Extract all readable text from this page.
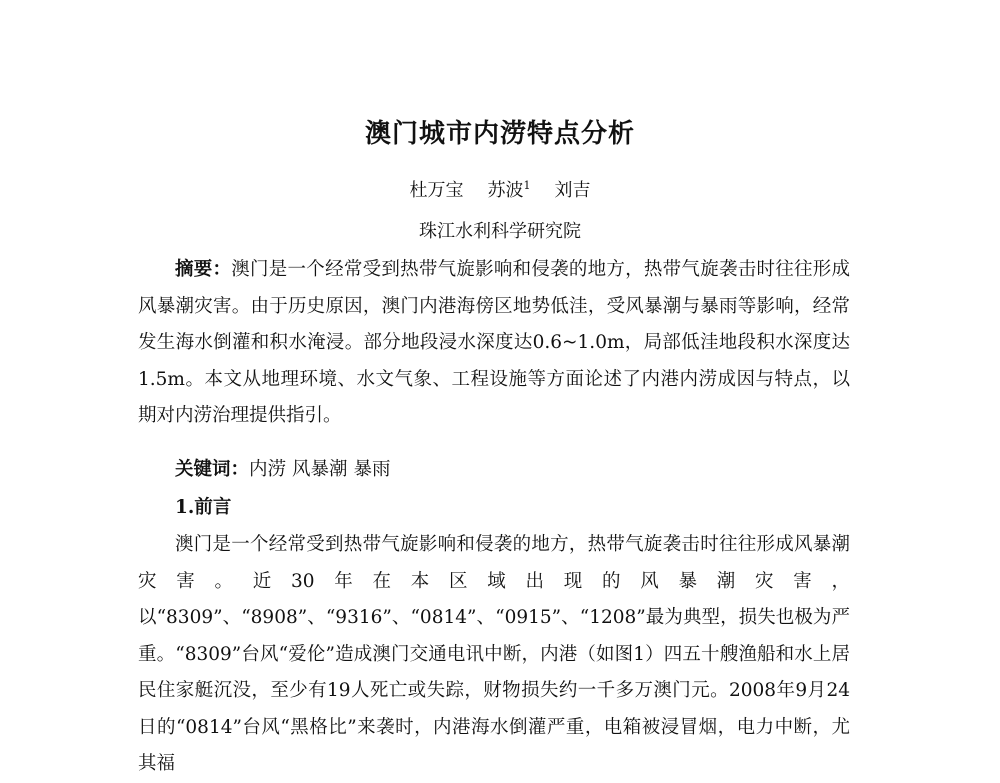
澳门城市内涝特点分析
杜万宝 苏波$^1$ 刘吉
珠江水利科学研究院

摘要：澳门是一个经常受到热带气旋影响和侵袭的地方，热带气旋袭击时往往形成风暴潮灾害。由于历史原因，澳门内港海傍区地势低洼，受风暴潮与暴雨等影响，经常发生海水倒灌和积水淹浸。部分地段浸水深度达0.6~1.0m，局部低洼地段积水深度达1.5m。本文从地理环境、水文气象、工程设施等方面论述了内港内涝成因与特点，以期对内涝治理提供指引。

关键词：内涝 风暴潮 暴雨
1.前言

澳门是一个经常受到热带气旋影响和侵袭的地方，热带气旋袭击时往往形成风暴潮灾害。近30年在本区域出现的风暴潮灾害，以“8309”、“8908”、“9316”、“0814”、“0915”、“1208”最为典型，损失也极为严重。“8309”台风“爱伦”造成澳门交通电讯中断，内港（如图1）四五十艘渔船和水上居民住家艇沉没，至少有19人死亡或失踪，财物损失约一千多万澳门元。2008年9月24日的“0814”台风“黑格比”来袭时，内港海水倒灌严重，电箱被浸冒烟，电力中断，尤其福
